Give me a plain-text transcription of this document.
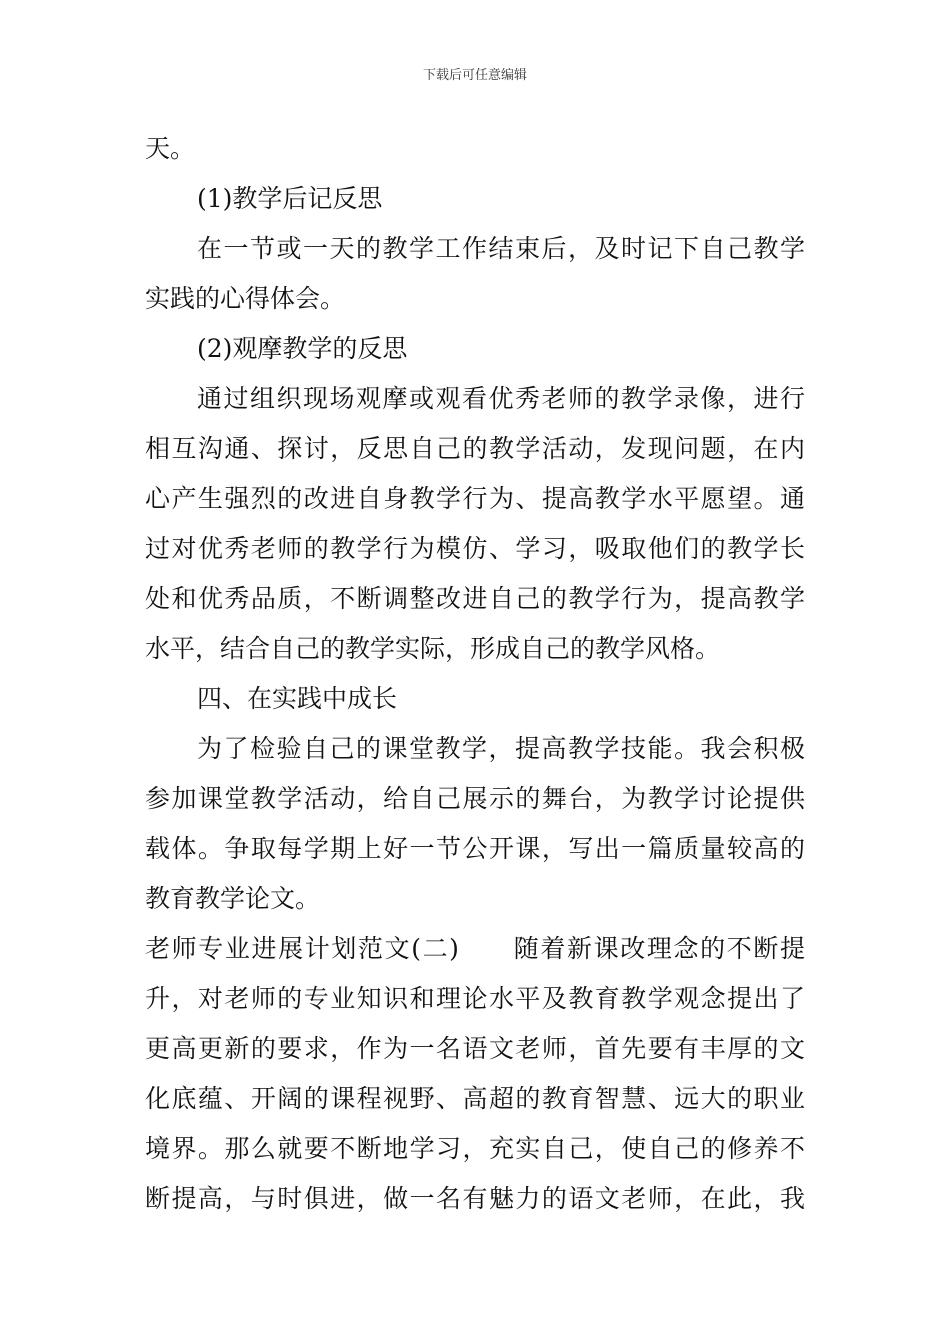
下载后可任意编辑
天。
(1)教学后记反思
在一节或一天的教学工作结束后，及时记下自己教学
实践的心得体会。
(2)观摩教学的反思
通过组织现场观摩或观看优秀老师的教学录像，进行
相互沟通、探讨，反思自己的教学活动，发现问题，在内
心产生强烈的改进自身教学行为、提高教学水平愿望。通
过对优秀老师的教学行为模仿、学习，吸取他们的教学长
处和优秀品质，不断调整改进自己的教学行为，提高教学
水平，结合自己的教学实际，形成自己的教学风格。
四、在实践中成长
为了检验自己的课堂教学，提高教学技能。我会积极
参加课堂教学活动，给自己展示的舞台，为教学讨论提供
载体。争取每学期上好一节公开课，写出一篇质量较高的
教育教学论文。
老师专业进展计划范文(二)　　随着新课改理念的不断提
升，对老师的专业知识和理论水平及教育教学观念提出了
更高更新的要求，作为一名语文老师，首先要有丰厚的文
化底蕴、开阔的课程视野、高超的教育智慧、远大的职业
境界。那么就要不断地学习，充实自己，使自己的修养不
断提高，与时俱进，做一名有魅力的语文老师，在此，我
